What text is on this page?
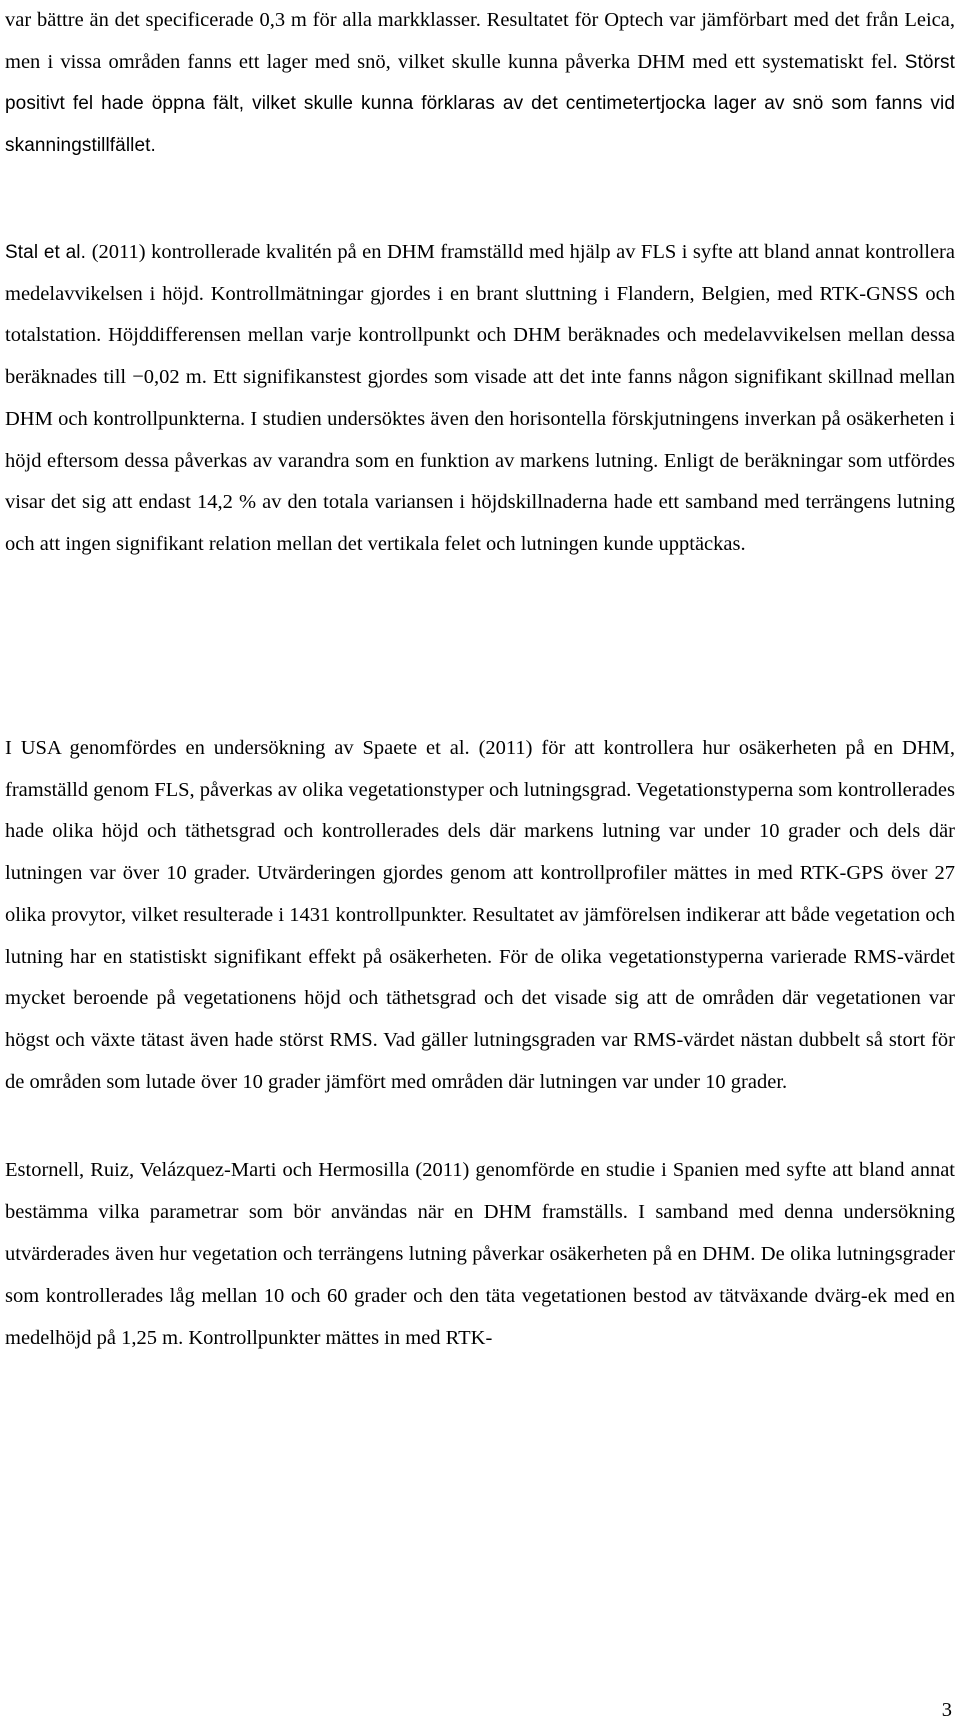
var bättre än det specificerade 0,3 m för alla markklasser. Resultatet för Optech var jämförbart med det från Leica, men i vissa områden fanns ett lager med snö, vilket skulle kunna påverka DHM med ett systematiskt fel. Störst positivt fel hade öppna fält, vilket skulle kunna förklaras av det centimetertjocka lager av snö som fanns vid skanningstillfället.

Stal et al. (2011) kontrollerade kvalitén på en DHM framställd med hjälp av FLS i syfte att bland annat kontrollera medelavvikelsen i höjd. Kontrollmätningar gjordes i en brant sluttning i Flandern, Belgien, med RTK-GNSS och totalstation. Höjddifferensen mellan varje kontrollpunkt och DHM beräknades och medelavvikelsen mellan dessa beräknades till −0,02 m. Ett signifikanstest gjordes som visade att det inte fanns någon signifikant skillnad mellan DHM och kontrollpunkterna. I studien undersöktes även den horisontella förskjutningens inverkan på osäkerheten i höjd eftersom dessa påverkas av varandra som en funktion av markens lutning. Enligt de beräkningar som utfördes visar det sig att endast 14,2 % av den totala variansen i höjdskillnaderna hade ett samband med terrängens lutning och att ingen signifikant relation mellan det vertikala felet och lutningen kunde upptäckas.

I USA genomfördes en undersökning av Spaete et al. (2011) för att kontrollera hur osäkerheten på en DHM, framställd genom FLS, påverkas av olika vegetationstyper och lutningsgrad. Vegetationstyperna som kontrollerades hade olika höjd och täthetsgrad och kontrollerades dels där markens lutning var under 10 grader och dels där lutningen var över 10 grader. Utvärderingen gjordes genom att kontrollprofiler mättes in med RTK-GPS över 27 olika provytor, vilket resulterade i 1431 kontrollpunkter. Resultatet av jämförelsen indikerar att både vegetation och lutning har en statistiskt signifikant effekt på osäkerheten. För de olika vegetationstyperna varierade RMS-värdet mycket beroende på vegetationens höjd och täthetsgrad och det visade sig att de områden där vegetationen var högst och växte tätast även hade störst RMS. Vad gäller lutningsgraden var RMS-värdet nästan dubbelt så stort för de områden som lutade över 10 grader jämfört med områden där lutningen var under 10 grader.

Estornell, Ruiz, Velázquez-Marti och Hermosilla (2011) genomförde en studie i Spanien med syfte att bland annat bestämma vilka parametrar som bör användas när en DHM framställs. I samband med denna undersökning utvärderades även hur vegetation och terrängens lutning påverkar osäkerheten på en DHM. De olika lutningsgrader som kontrollerades låg mellan 10 och 60 grader och den täta vegetationen bestod av tätväxande dvärg-ek med en medelhöjd på 1,25 m. Kontrollpunkter mättes in med RTK-

3
